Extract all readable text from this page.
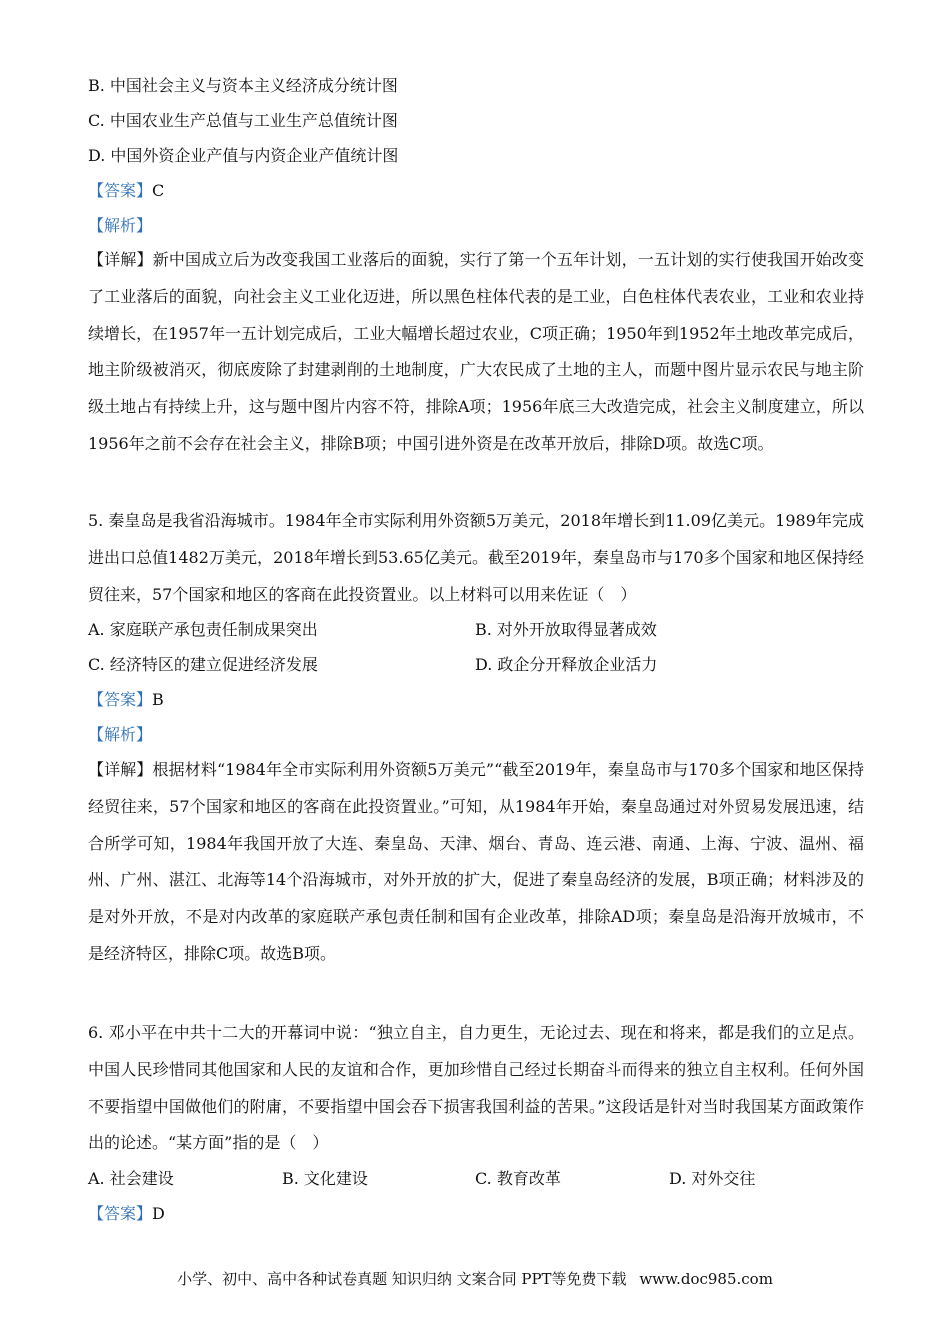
B. 中国社会主义与资本主义经济成分统计图
C. 中国农业生产总值与工业生产总值统计图
D. 中国外资企业产值与内资企业产值统计图
【答案】C
【解析】
【详解】新中国成立后为改变我国工业落后的面貌，实行了第一个五年计划，一五计划的实行使我国开始改变了工业落后的面貌，向社会主义工业化迈进，所以黑色柱体代表的是工业，白色柱体代表农业，工业和农业持续增长，在1957年一五计划完成后，工业大幅增长超过农业，C项正确；1950年到1952年土地改革完成后，地主阶级被消灭，彻底废除了封建剥削的土地制度，广大农民成了土地的主人，而题中图片显示农民与地主阶级土地占有持续上升，这与题中图片内容不符，排除A项；1956年底三大改造完成，社会主义制度建立，所以1956年之前不会存在社会主义，排除B项；中国引进外资是在改革开放后，排除D项。故选C项。
5. 秦皇岛是我省沿海城市。1984年全市实际利用外资额5万美元，2018年增长到11.09亿美元。1989年完成进出口总值1482万美元，2018年增长到53.65亿美元。截至2019年，秦皇岛市与170多个国家和地区保持经贸往来，57个国家和地区的客商在此投资置业。以上材料可以用来佐证（　）
A. 家庭联产承包责任制成果突出	B. 对外开放取得显著成效
C. 经济特区的建立促进经济发展	D. 政企分开释放企业活力
【答案】B
【解析】
【详解】根据材料“1984年全市实际利用外资额5万美元”“截至2019年，秦皇岛市与170多个国家和地区保持经贸往来，57个国家和地区的客商在此投资置业。”可知，从1984年开始，秦皇岛通过对外贸易发展迅速，结合所学可知，1984年我国开放了大连、秦皇岛、天津、烟台、青岛、连云港、南通、上海、宁波、温州、福州、广州、湛江、北海等14个沿海城市，对外开放的扩大，促进了秦皇岛经济的发展，B项正确；材料涉及的是对外开放，不是对内改革的家庭联产承包责任制和国有企业改革，排除AD项；秦皇岛是沿海开放城市，不是经济特区，排除C项。故选B项。
6. 邓小平在中共十二大的开幕词中说：“独立自主，自力更生，无论过去、现在和将来，都是我们的立足点。中国人民珍惜同其他国家和人民的友谊和合作，更加珍惜自己经过长期奋斗而得来的独立自主权利。任何外国不要指望中国做他们的附庸，不要指望中国会吞下损害我国利益的苦果。”这段话是针对当时我国某方面政策作出的论述。“某方面”指的是（　）
A. 社会建设	B. 文化建设	C. 教育改革	D. 对外交往
【答案】D
小学、初中、高中各种试卷真题 知识归纳 文案合同 PPT等免费下载 www.doc985.com
